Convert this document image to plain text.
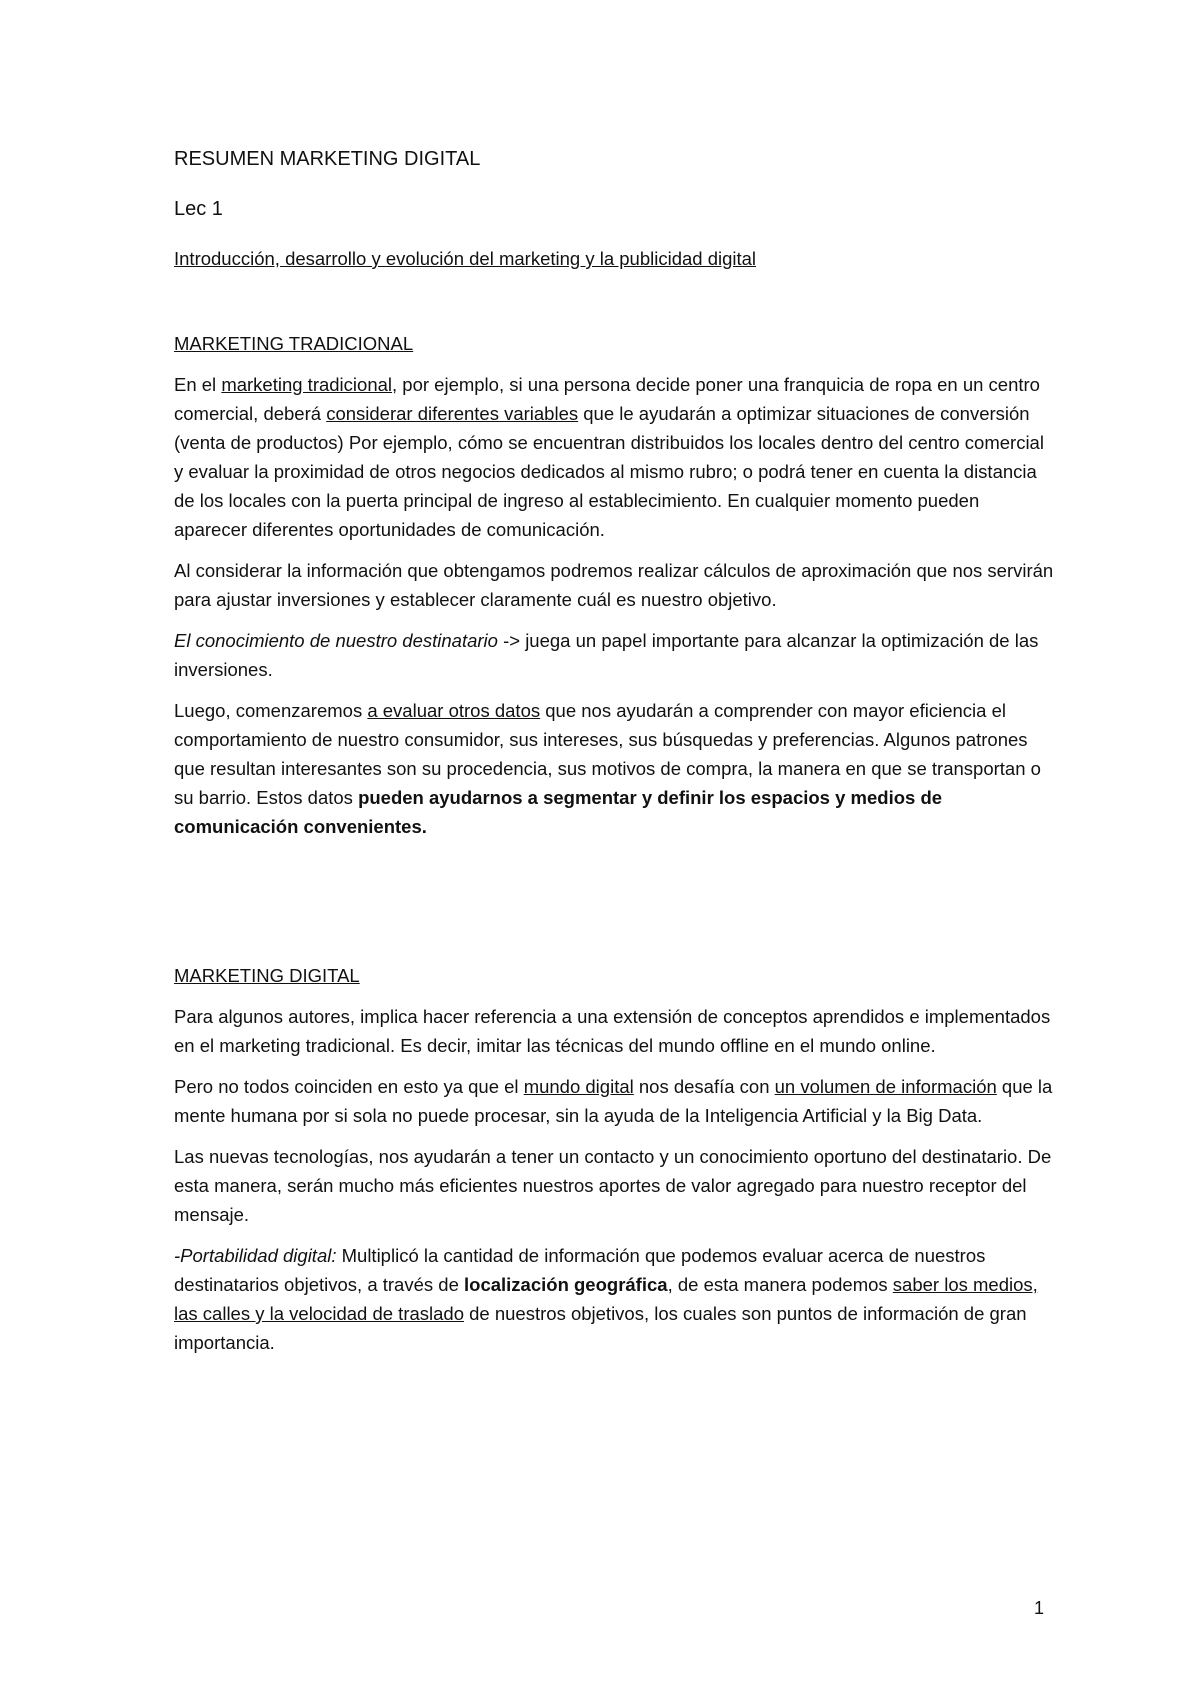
RESUMEN MARKETING DIGITAL
Lec 1
Introducción, desarrollo y evolución del marketing y la publicidad digital
MARKETING TRADICIONAL

En el marketing tradicional, por ejemplo, si una persona decide poner una franquicia de ropa en un centro comercial, deberá considerar diferentes variables que le ayudarán a optimizar situaciones de conversión (venta de productos) Por ejemplo, cómo se encuentran distribuidos los locales dentro del centro comercial y evaluar la proximidad de otros negocios dedicados al mismo rubro; o podrá tener en cuenta la distancia de los locales con la puerta principal de ingreso al establecimiento. En cualquier momento pueden aparecer diferentes oportunidades de comunicación.

Al considerar la información que obtengamos podremos realizar cálculos de aproximación que nos servirán para ajustar inversiones y establecer claramente cuál es nuestro objetivo.

El conocimiento de nuestro destinatario -> juega un papel importante para alcanzar la optimización de las inversiones.

Luego, comenzaremos a evaluar otros datos que nos ayudarán a comprender con mayor eficiencia el comportamiento de nuestro consumidor, sus intereses, sus búsquedas y preferencias. Algunos patrones que resultan interesantes son su procedencia, sus motivos de compra, la manera en que se transportan o su barrio. Estos datos pueden ayudarnos a segmentar y definir los espacios y medios de comunicación convenientes.

MARKETING DIGITAL

Para algunos autores, implica hacer referencia a una extensión de conceptos aprendidos e implementados en el marketing tradicional. Es decir, imitar las técnicas del mundo offline en el mundo online.

Pero no todos coinciden en esto ya que el mundo digital nos desafía con un volumen de información que la mente humana por si sola no puede procesar, sin la ayuda de la Inteligencia Artificial y la Big Data.

Las nuevas tecnologías, nos ayudarán a tener un contacto y un conocimiento oportuno del destinatario. De esta manera, serán mucho más eficientes nuestros aportes de valor agregado para nuestro receptor del mensaje.

-Portabilidad digital: Multiplicó la cantidad de información que podemos evaluar acerca de nuestros destinatarios objetivos, a través de localización geográfica, de esta manera podemos saber los medios, las calles y la velocidad de traslado de nuestros objetivos, los cuales son puntos de información de gran importancia.

1
